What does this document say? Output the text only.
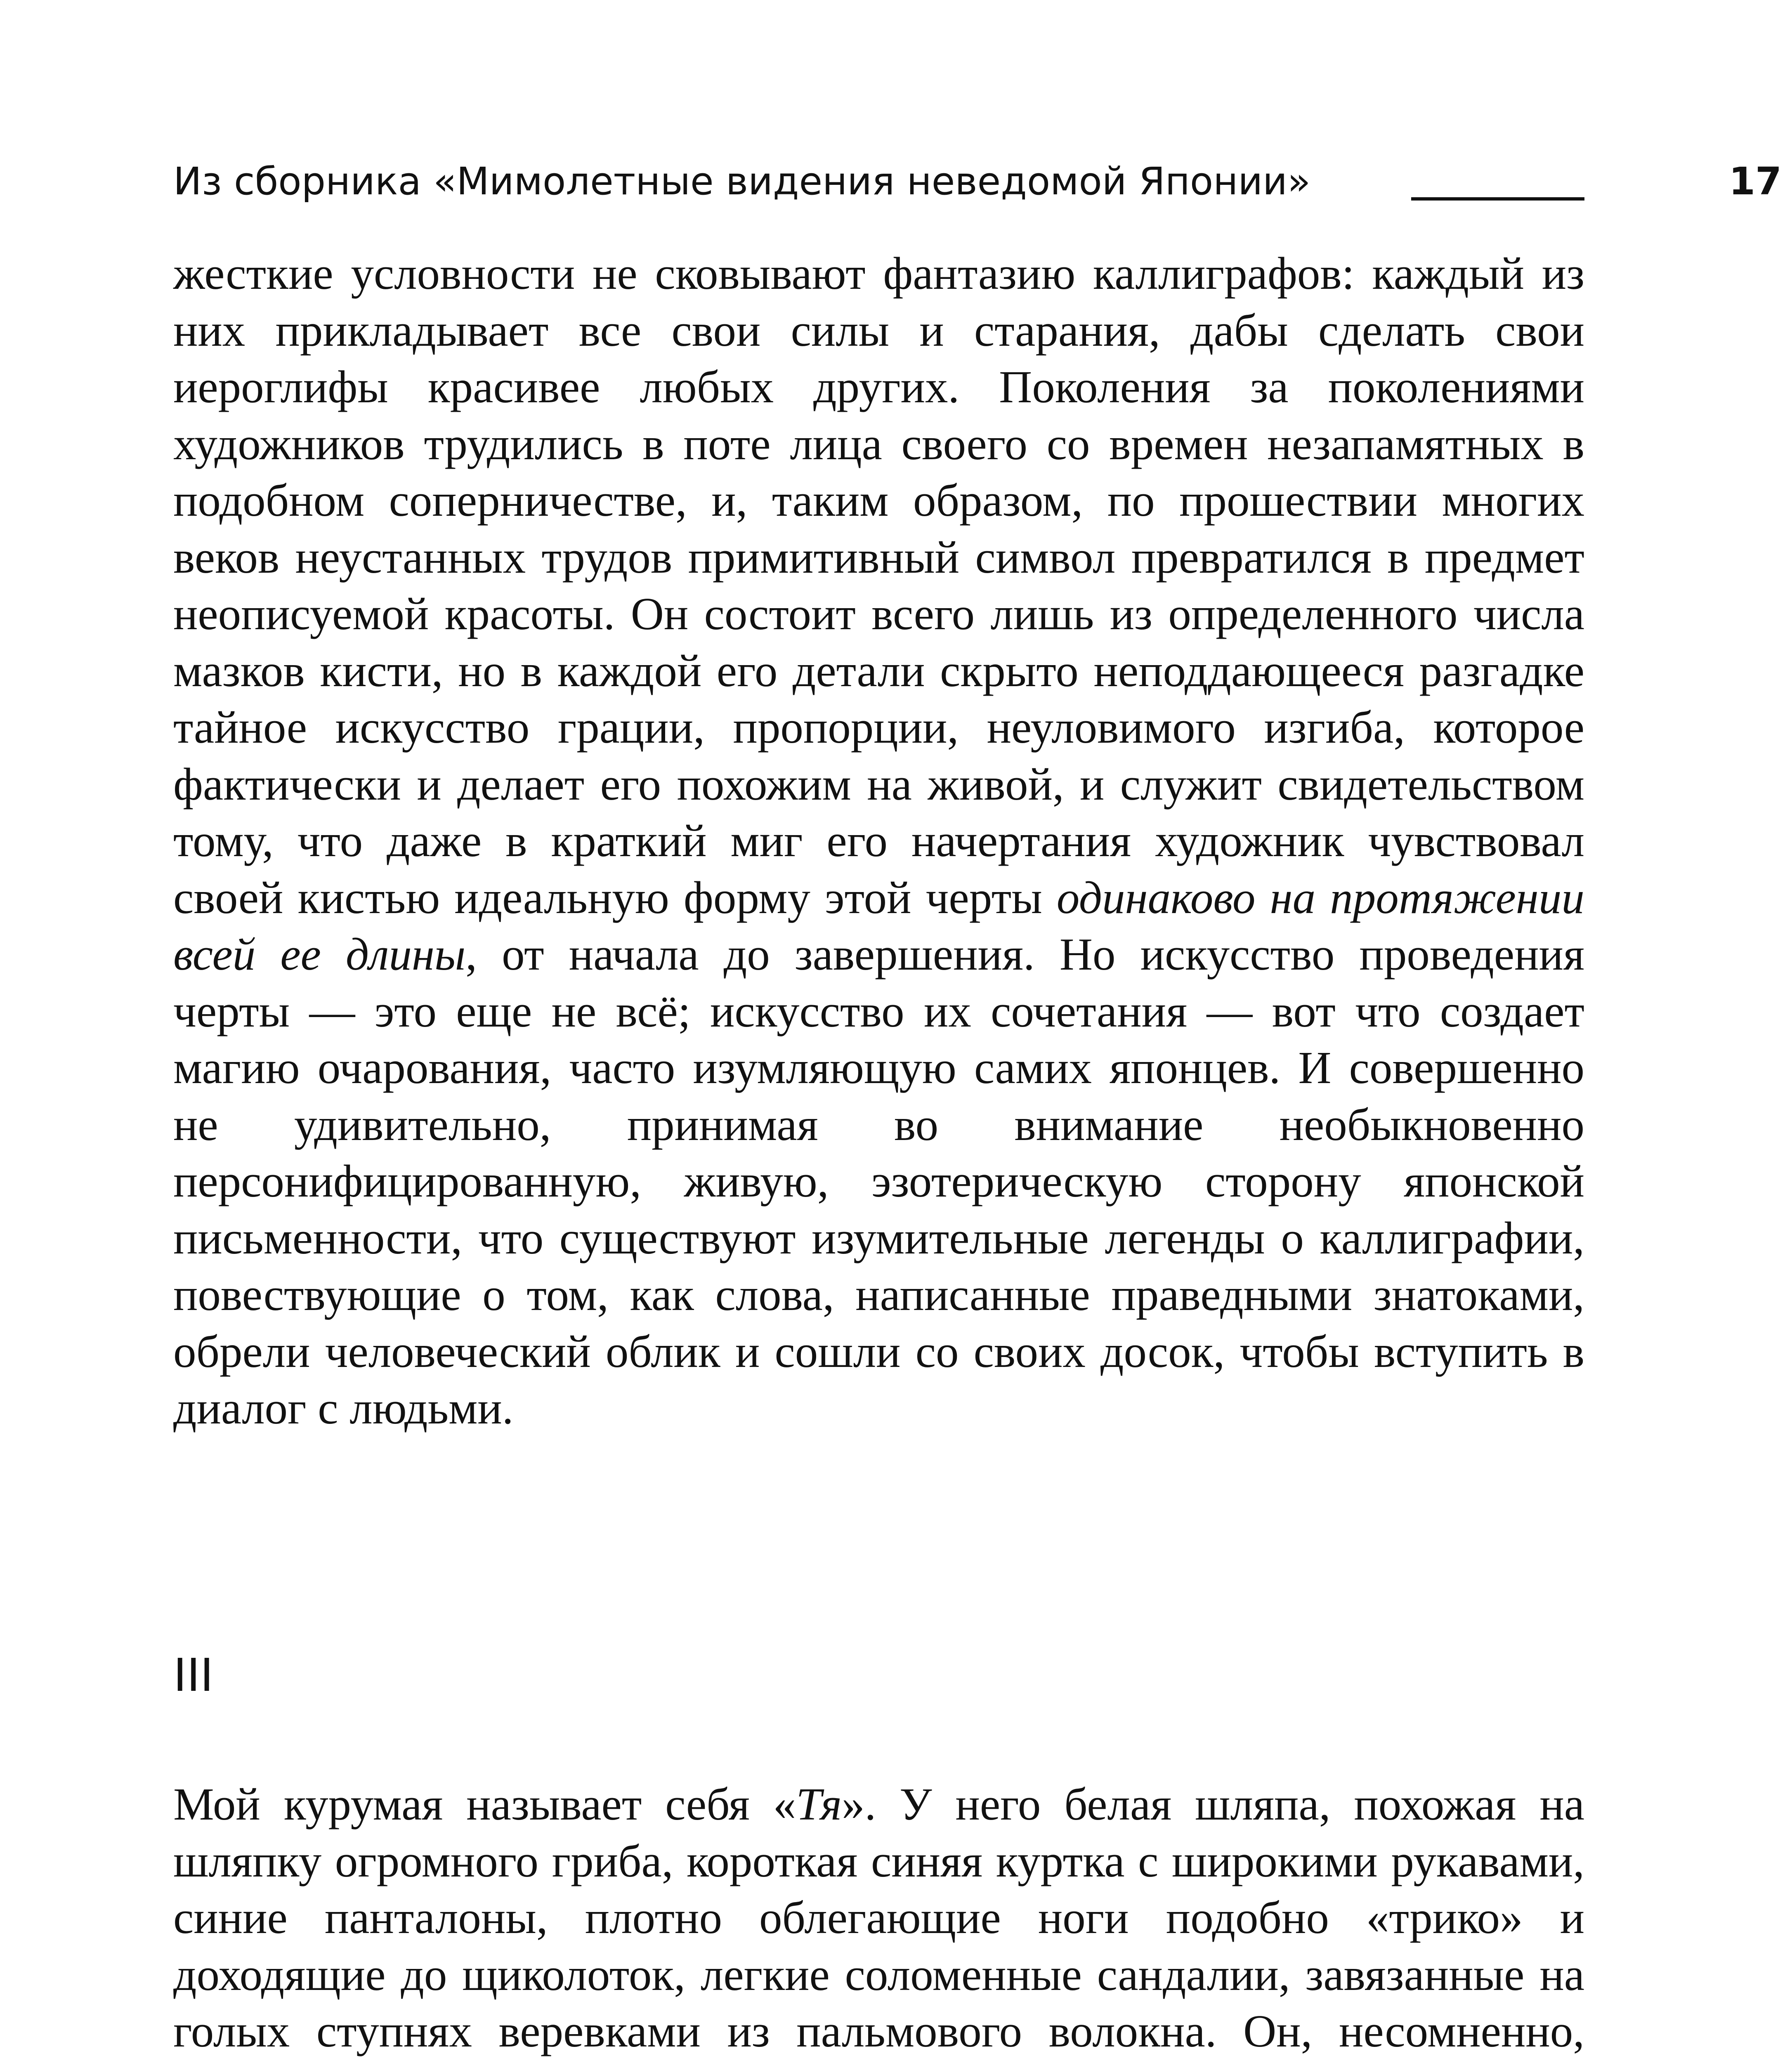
Из сборника «Мимолетные видения неведомой Японии»	17
жесткие условности не сковывают фантазию каллиграфов: каждый из них прикладывает все свои силы и старания, дабы сделать свои иероглифы красивее любых других. Поколения за поколениями художников трудились в поте лица своего со времен незапамятных в подобном соперничестве, и, таким образом, по прошествии многих веков неустанных трудов примитивный символ превратился в предмет неописуемой красоты. Он состоит всего лишь из определенного числа мазков кисти, но в каждой его детали скрыто неподдающееся разгадке тайное искусство грации, пропорции, неуловимого изгиба, которое фактически и делает его похожим на живой, и служит свидетельством тому, что даже в краткий миг его начертания художник чувствовал своей кистью идеальную форму этой черты одинаково на протяжении всей ее длины, от начала до завершения. Но искусство проведения черты — это еще не всё; искусство их сочетания — вот что создает магию очарования, часто изумляющую самих японцев. И совершенно не удивительно, принимая во внимание необыкновенно персонифицированную, живую, эзотерическую сторону японской письменности, что существуют изумительные легенды о каллиграфии, повествующие о том, как слова, написанные праведными знатоками, обрели человеческий облик и сошли со своих досок, чтобы вступить в диалог с людьми.
III
Мой курумая называет себя «Тя». У него белая шляпа, похожая на шляпку огромного гриба, короткая синяя куртка с широкими рукавами, синие панталоны, плотно облегающие ноги подобно «трико» и доходящие до щиколоток, легкие соломенные сандалии, завязанные на голых ступнях веревками из пальмового волокна. Он, несомненно,
